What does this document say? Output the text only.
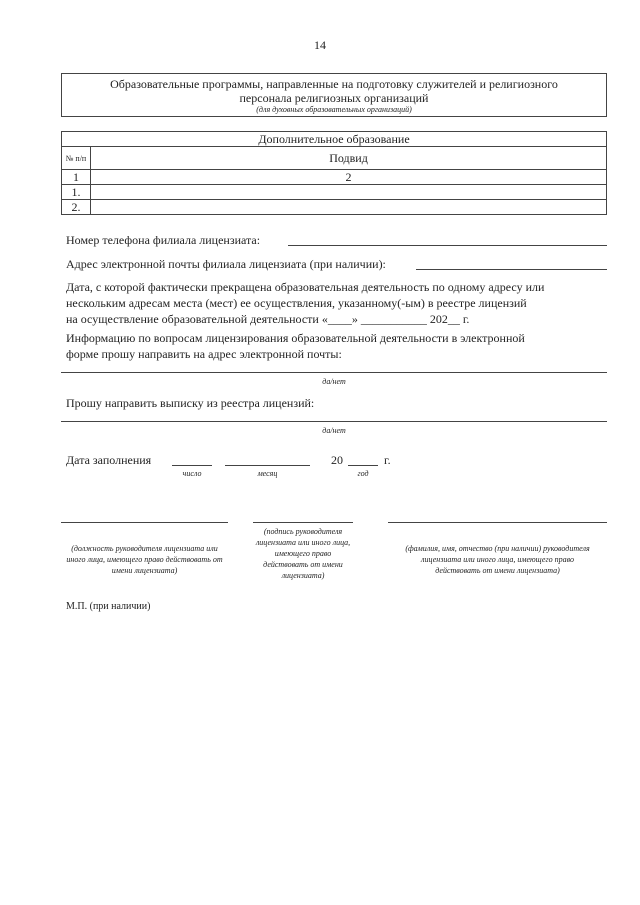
14
Образовательные программы, направленные на подготовку служителей и религиозного
персонала религиозных организаций
(для духовных образовательных организаций)
Дополнительное образование	
№ п/п	Подвид
1	2
1.	
2.	
Номер телефона филиала лицензиата:
Адрес электронной почты филиала лицензиата (при наличии):
Дата, с которой фактически прекращена образовательная деятельность по одному адресу или
нескольким адресам места (мест) ее осуществления, указанному(-ым) в реестре лицензий
на осуществление образовательной деятельности «____» ___________ 202__ г.
Информацию по вопросам лицензирования образовательной деятельности в электронной
форме прошу направить на адрес электронной почты:
да/нет
Прошу направить выписку из реестра лицензий:
да/нет
Дата заполнения	20	г.
число	месяц	год
(должность руководителя лицензиата или иного лица, имеющего право действовать от имени лицензиата)
(подпись руководителя лицензиата или иного лица, имеющего право действовать от имени лицензиата)
(фамилия, имя, отчество (при наличии) руководителя лицензиата или иного лица, имеющего право действовать от имени лицензиата)
М.П. (при наличии)
